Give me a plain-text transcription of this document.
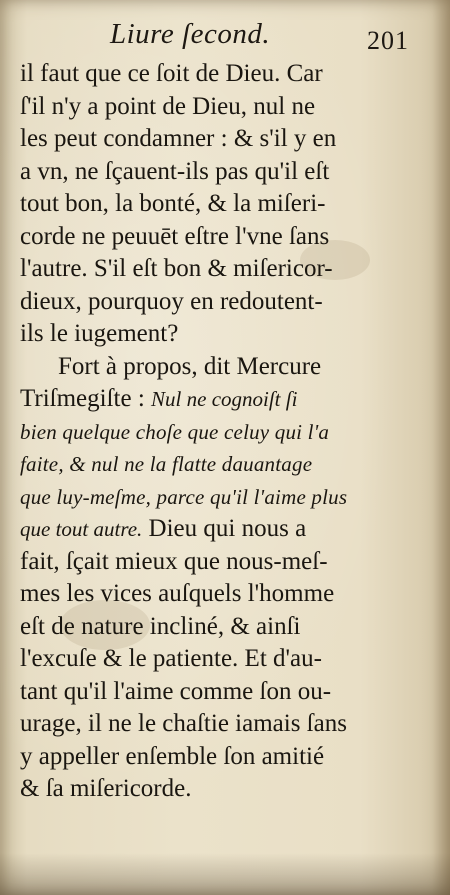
Liure ſecond.	201
il faut que ce ſoit de Dieu. Car
ſ'il n'y a point de Dieu, nul ne
les peut condamner : & s'il y en
a vn, ne ſçauent-ils pas qu'il eſt
tout bon, la bonté, & la miſeri-
corde ne peuuēt eſtre l'vne ſans
l'autre. S'il eſt bon & miſericor-
dieux, pourquoy en redoutent-
ils le iugement?
Fort à propos, dit Mercure
Triſmegiſte : Nul ne cognoiſt ſi
bien quelque choſe que celuy qui l'a
faite, & nul ne la flatte dauantage
que luy-meſme, parce qu'il l'aime plus
que tout autre. Dieu qui nous a
fait, ſçait mieux que nous-meſ-
mes les vices auſquels l'homme
eſt de nature incliné, & ainſi
l'excuſe & le patiente. Et d'au-
tant qu'il l'aime comme ſon ou-
urage, il ne le chaſtie iamais ſans
y appeller enſemble ſon amitié
& ſa miſericorde.
